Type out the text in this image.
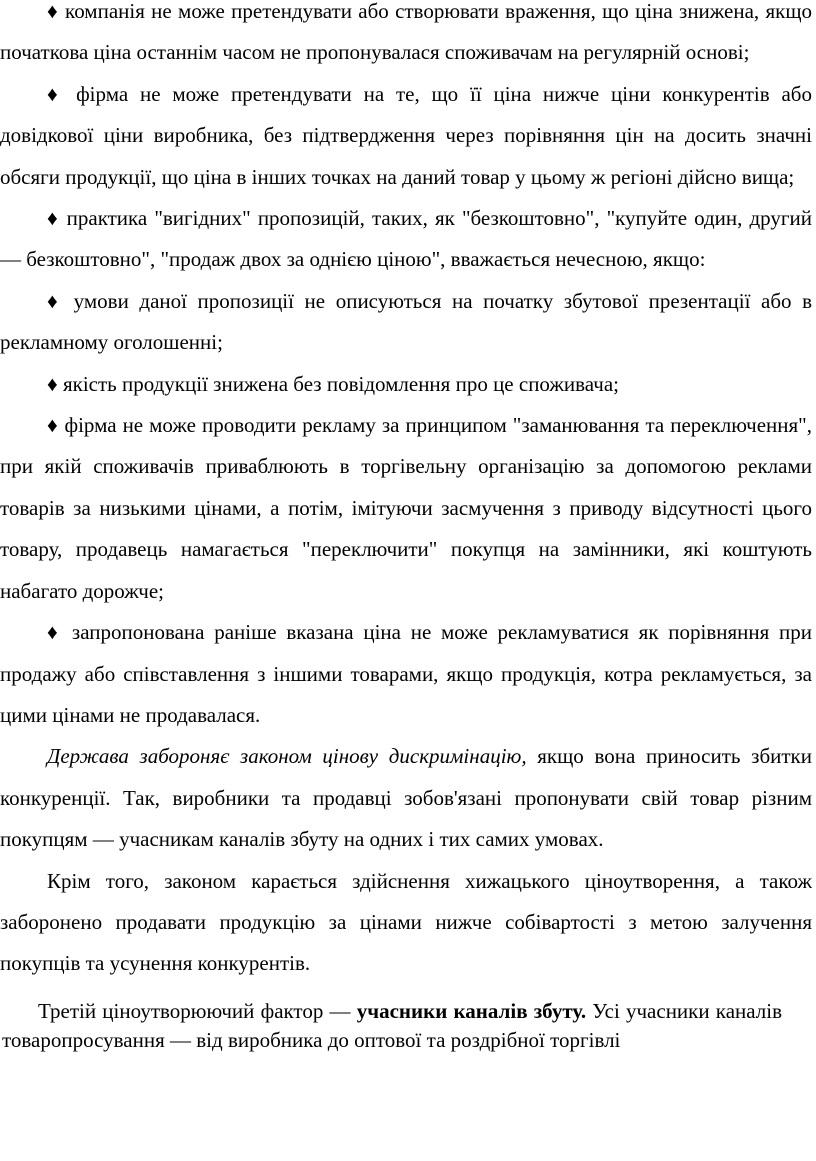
♦ компанія не може претендувати або створювати враження, що ціна знижена, якщо початкова ціна останнім часом не пропонувалася споживачам на регулярній основі;

♦ фірма не може претендувати на те, що її ціна нижче ціни конкурентів або довідкової ціни виробника, без підтвердження через порівняння цін на досить значні обсяги продукції, що ціна в інших точках на даний товар у цьому ж регіоні дійсно вища;

♦ практика "вигідних" пропозицій, таких, як "безкоштовно", "купуйте один, другий — безкоштовно", "продаж двох за однією ціною", вважається нечесною, якщо:

♦ умови даної пропозиції не описуються на початку збутової презентації або в рекламному оголошенні;

♦ якість продукції знижена без повідомлення про це споживача;

♦ фірма не може проводити рекламу за принципом "заманювання та переключення", при якій споживачів приваблюють в торгівельну організацію за допомогою реклами товарів за низькими цінами, а потім, імітуючи засмучення з приводу відсутності цього товару, продавець намагається "переключити" покупця на замінники, які коштують набагато дорожче;

♦ запропонована раніше вказана ціна не може рекламуватися як порівняння при продажу або співставлення з іншими товарами, якщо продукція, котра рекламується, за цими цінами не продавалася.

Держава забороняє законом цінову дискримінацію, якщо вона приносить збитки конкуренції. Так, виробники та продавці зобов'язані пропонувати свій товар різним покупцям — учасникам каналів збуту на одних і тих самих умовах.

Крім того, законом карається здійснення хижацького ціноутворення, а також заборонено продавати продукцію за цінами нижче собівартості з метою залучення покупців та усунення конкурентів.

Третій ціноутворюючий фактор — учасники каналів збуту. Усі учасники каналів товаропросування — від виробника до оптової та роздрібної торгівлі
